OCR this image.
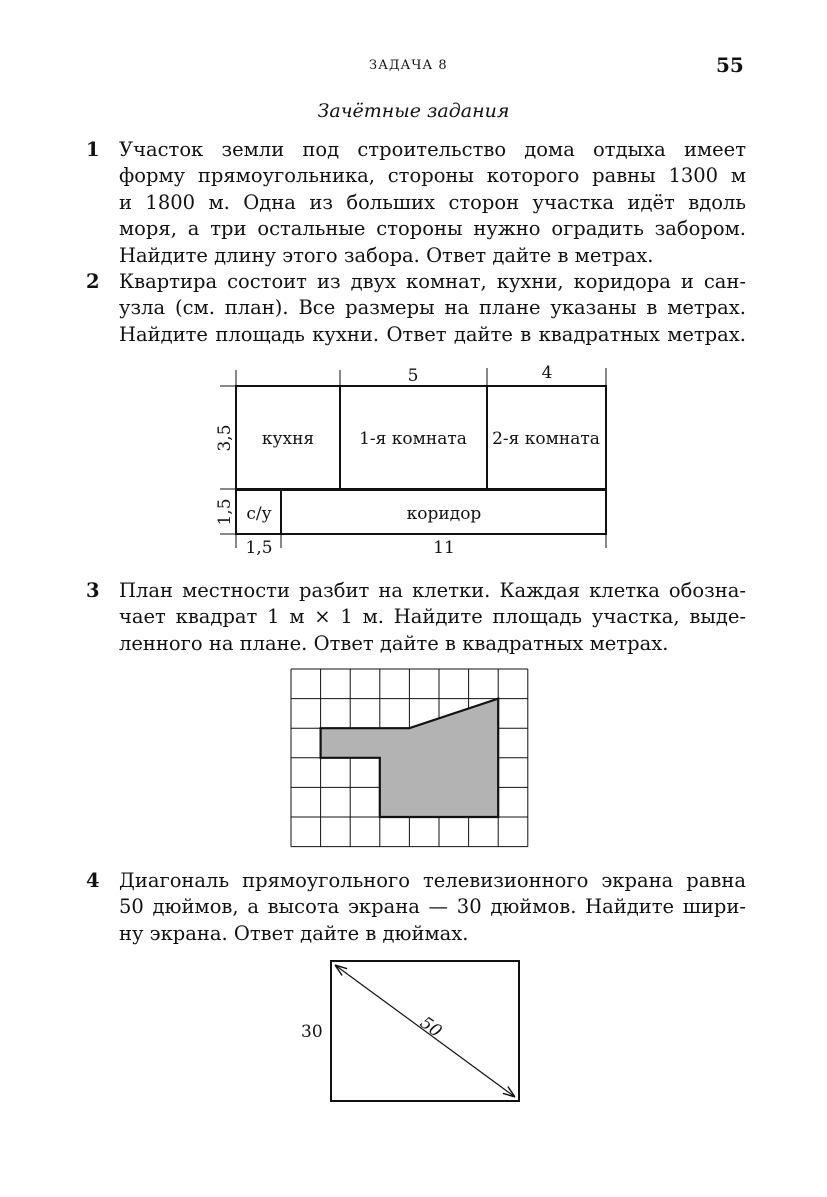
ЗАДАЧА 8	55
Зачётные задания
1 Участок земли под строительство дома отдыха имеет
форму прямоугольника, стороны которого равны 1300 м
и 1800 м. Одна из больших сторон участка идёт вдоль
моря, а три остальные стороны нужно оградить забором.
Найдите длину этого забора. Ответ дайте в метрах.
2 Квартира состоит из двух комнат, кухни, коридора и сан-
узла (см. план). Все размеры на плане указаны в метрах.
Найдите площадь кухни. Ответ дайте в квадратных метрах.
кухня	1-я комната 2-я комната
с/у	коридор
5	4
1,5	11
3,5
1,5
3 План местности разбит на клетки. Каждая клетка обозна-
чает квадрат 1 м × 1 м. Найдите площадь участка, выде-
ленного на плане. Ответ дайте в квадратных метрах.
4 Диагональ прямоугольного телевизионного экрана равна
50 дюймов, а высота экрана — 30 дюймов. Найдите шири-
ну экрана. Ответ дайте в дюймах.
30	50
